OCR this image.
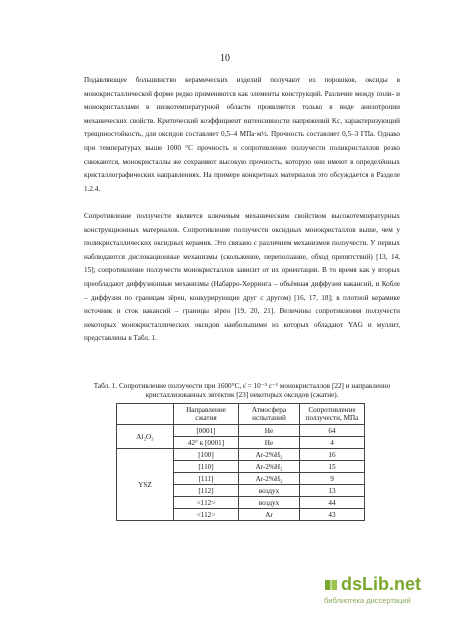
10

Подавляющее большинство керамических изделий получают из порошков, оксиды в монокристаллической форме редко применяются как элементы конструкций. Различие между поли- и монокристаллами в низкотемпературной области проявляется только в виде анизотропии механических свойств. Критический коэффициент интенсивности напряжений Kc, характеризующий трещиностойкость, для оксидов составляет 0,5–4 МПа·м½. Прочность составляет 0,5–3 ГПа. Однако при температурах выше 1000 °C прочность и сопротивление ползучести поликристаллов резко снижаются, монокристаллы же сохраняют высокую прочность, которую они имеют в определённых кристаллографических направлениях. На примере конкретных материалов это обсуждается в Разделе 1.2.4.

Сопротивление ползучести является ключевым механическим свойством высокотемпературных конструкционных материалов. Сопротивление ползучести оксидных монокристаллов выше, чем у поликристаллических оксидных керамик. Это связано с различием механизмов ползучести. У первых наблюдаются дислокационные механизмы (скольжение, переползание, обход препятствий) [13, 14, 15]; сопротивление ползучести монокристаллов зависит от их ориентации. В то время как у вторых преобладают диффузионные механизмы (Набарро-Херринга – объёмная диффузия вакансий, и Кобле – диффузия по границам зёрен, конкурирующие друг с другом) [16, 17, 18]; в плотной керамике источник и сток вакансий – границы зёрен [19, 20, 21]. Величины сопротивления ползучести некоторых монокристаллических оксидов наибольшими из которых обладают YAG и муллит, представлены в Табл. 1.

Табл. 1. Сопротивление ползучести при 1600°C, ε̇ = 10⁻⁵ с⁻¹ монокристаллов [22] и направленно кристаллизованных эвтектик [23] некоторых оксидов (сжатие).

	Направление сжатия	Атмосфера испытаний	Сопротивление ползучести, МПа
Al₂O₃	[0001]	He	64
	42° к [0001]	He	4
YSZ	[100]	Ar-2%H₂	16
	[110]	Ar-2%H₂	15
	[111]	Ar-2%H₂	9
	[112]	воздух	13
	<112>	воздух	44
	<112>	Ar	43
dsLib.net
библиотека диссертаций
